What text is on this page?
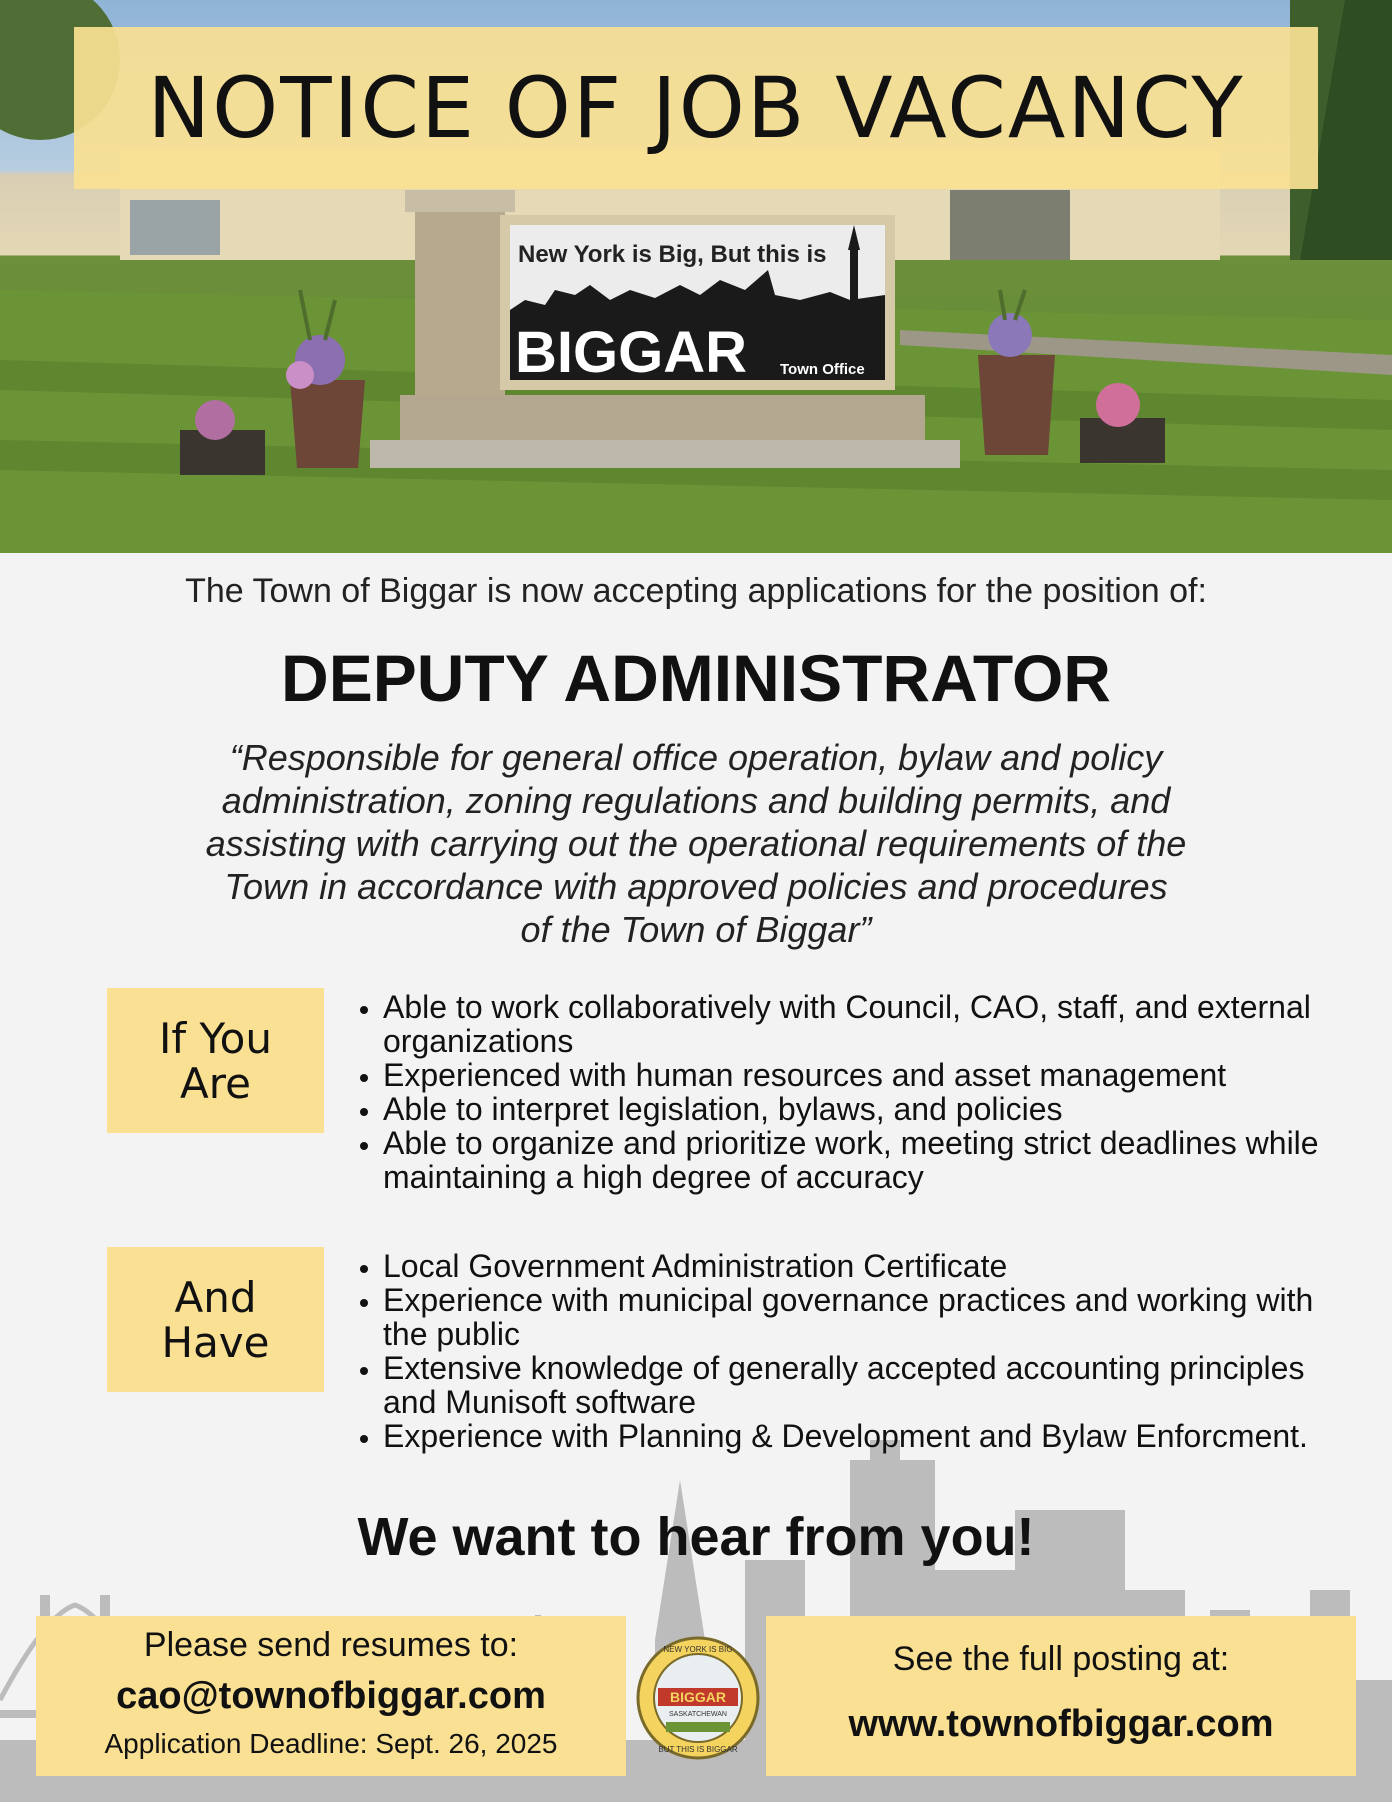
New York is Big, But this is
BIGGAR Town Office
NOTICE OF JOB VACANCY
The Town of Biggar is now accepting applications for the position of:
DEPUTY ADMINISTRATOR
“Responsible for general office operation, bylaw and policy
administration, zoning regulations and building permits, and
assisting with carrying out the operational requirements of the
Town in accordance with approved policies and procedures
of the Town of Biggar”
If You
Are
• Able to work collaboratively with Council, CAO, staff, and external organizations
• Experienced with human resources and asset management
• Able to interpret legislation, bylaws, and policies
• Able to organize and prioritize work, meeting strict deadlines while maintaining a high degree of accuracy
And
Have
• Local Government Administration Certificate
• Experience with municipal governance practices and working with the public
• Extensive knowledge of generally accepted accounting principles and Munisoft software
• Experience with Planning & Development and Bylaw Enforcment.
We want to hear from you!
Please send resumes to:
cao@townofbiggar.com
Application Deadline: Sept. 26, 2025
BIGGAR
SASKATCHEWAN
NEW YORK IS BIG
BUT THIS IS BIGGAR
See the full posting at:
www.townofbiggar.com
